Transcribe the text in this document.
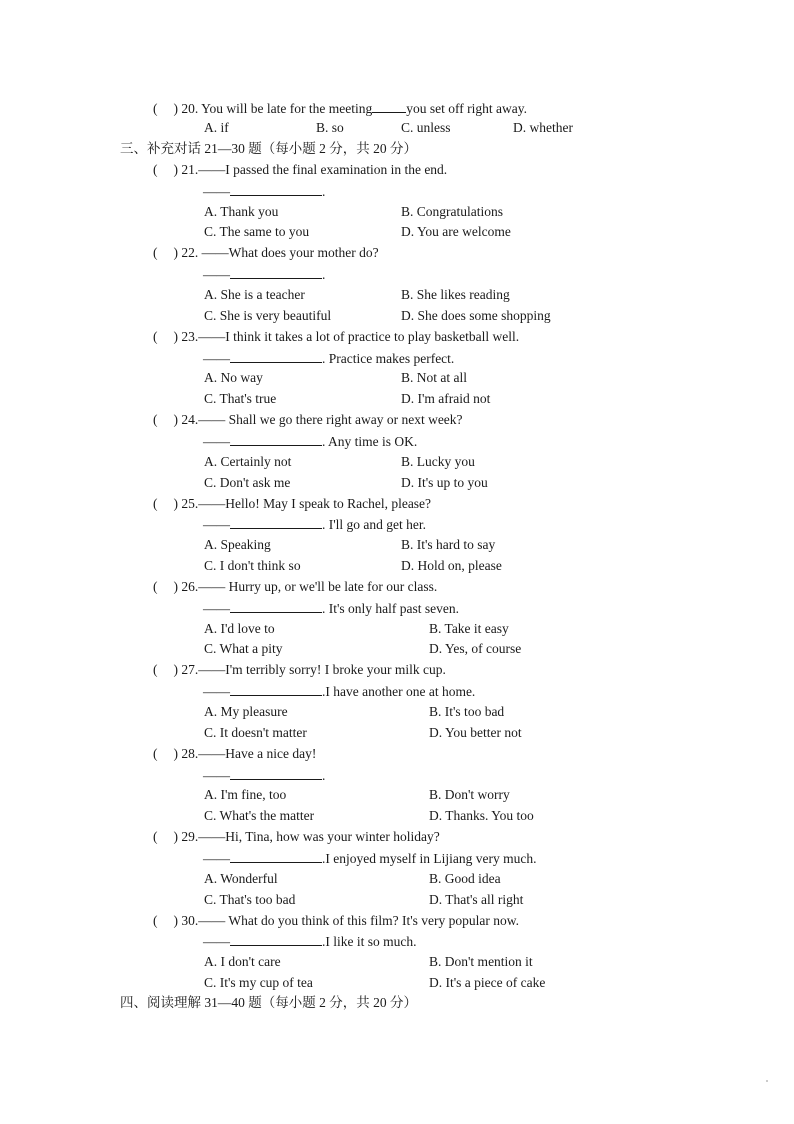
( ) 20. You will be late for the meeting	you set off right away.
A. if	B. so	C. unless	D. whether
三、补充对话 21—30 题（每小题 2 分，共 20 分）
( ) 21.——I passed the final examination in the end.
——	.
A. Thank you	B. Congratulations
C. The same to you	D. You are welcome
( ) 22. ——What does your mother do?
——	.
A. She is a teacher	B. She likes reading
C. She is very beautiful	D. She does some shopping
( ) 23.——I think it takes a lot of practice to play basketball well.
——	. Practice makes perfect.
A. No way	B. Not at all
C. That's true	D. I'm afraid not
( ) 24.—— Shall we go there right away or next week?
——	. Any time is OK.
A. Certainly not	B. Lucky you
C. Don't ask me	D. It's up to you
( ) 25.——Hello! May I speak to Rachel, please?
——	. I'll go and get her.
A. Speaking	B. It's hard to say
C. I don't think so	D. Hold on, please
( ) 26.—— Hurry up, or we'll be late for our class.
——	. It's only half past seven.
A. I'd love to	B. Take it easy
C. What a pity	D. Yes, of course
( ) 27.——I'm terribly sorry! I broke your milk cup.
——	.I have another one at home.
A. My pleasure	B. It's too bad
C. It doesn't matter	D. You better not
( ) 28.——Have a nice day!
——	.
A. I'm fine, too	B. Don't worry
C. What's the matter	D. Thanks. You too
( ) 29.——Hi, Tina, how was your winter holiday?
——	.I enjoyed myself in Lijiang very much.
A. Wonderful	B. Good idea
C. That's too bad	D. That's all right
( ) 30.—— What do you think of this film? It's very popular now.
——	.I like it so much.
A. I don't care	B. Don't mention it
C. It's my cup of tea	D. It's a piece of cake
四、阅读理解 31—40 题（每小题 2 分，共 20 分）
